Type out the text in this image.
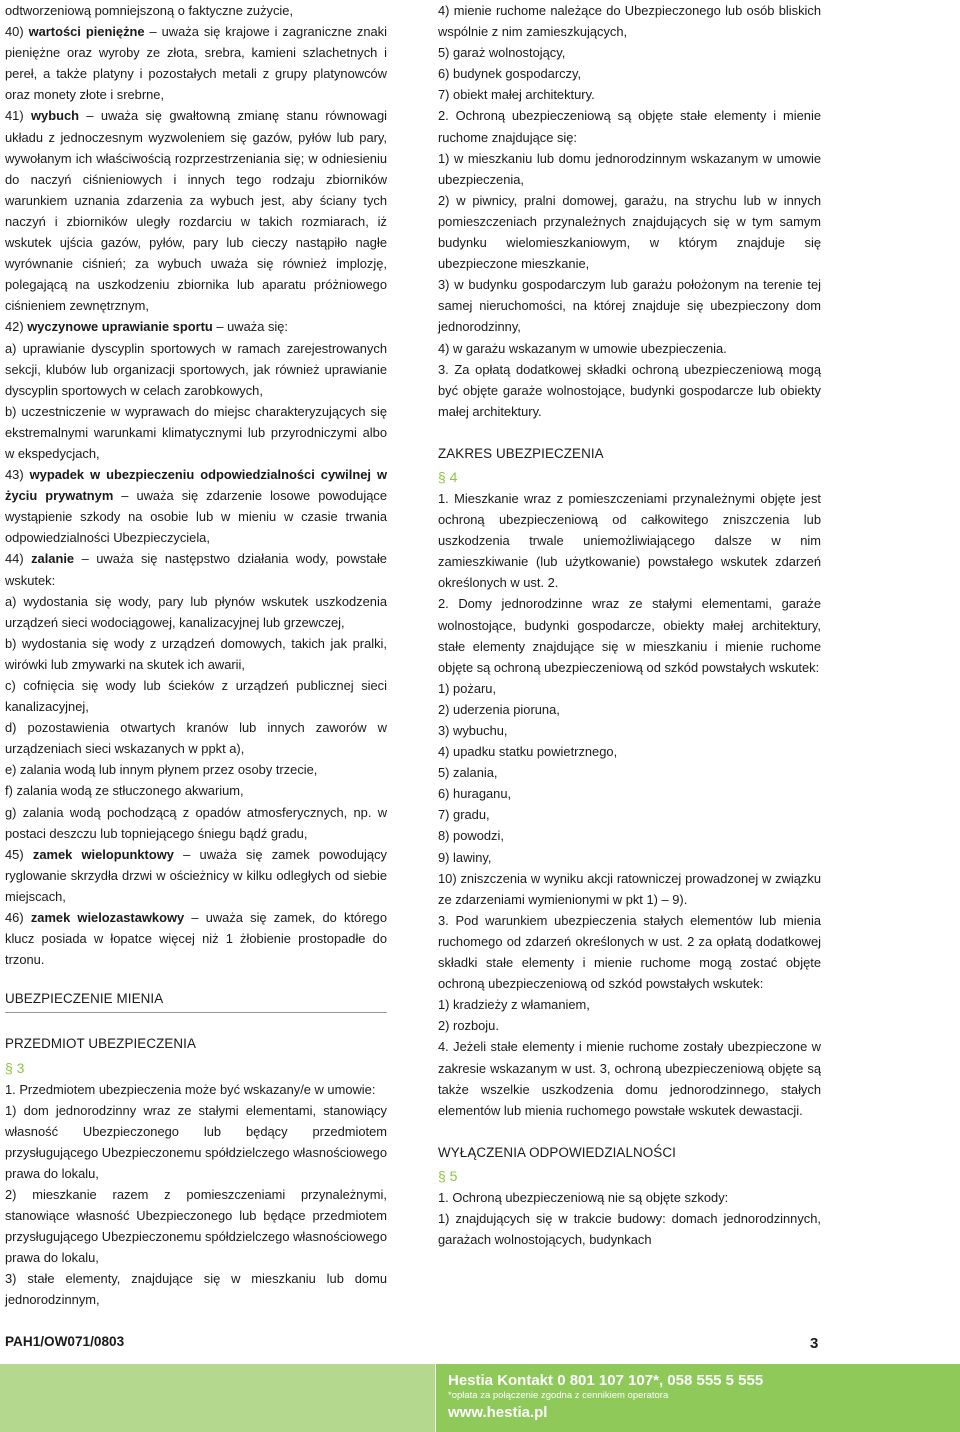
odtworzeniową pomniejszoną o faktyczne zużycie,

40) wartości pieniężne – uważa się krajowe i zagraniczne znaki pieniężne oraz wyroby ze złota, srebra, kamieni szlachetnych i pereł, a także platyny i pozostałych metali z grupy platynowców oraz monety złote i srebrne,

41) wybuch – uważa się gwałtowną zmianę stanu równowagi układu z jednoczesnym wyzwoleniem się gazów, pyłów lub pary, wywołanym ich właściwością rozprzestrzeniania się; w odniesieniu do naczyń ciśnieniowych i innych tego rodzaju zbiorników warunkiem uznania zdarzenia za wybuch jest, aby ściany tych naczyń i zbiorników uległy rozdarciu w takich rozmiarach, iż wskutek ujścia gazów, pyłów, pary lub cieczy nastąpiło nagłe wyrównanie ciśnień; za wybuch uważa się również implozję, polegającą na uszkodzeniu zbiornika lub aparatu próżniowego ciśnieniem zewnętrznym,

42) wyczynowe uprawianie sportu – uważa się:

a) uprawianie dyscyplin sportowych w ramach zarejestrowanych sekcji, klubów lub organizacji sportowych, jak również uprawianie dyscyplin sportowych w celach zarobkowych,

b) uczestniczenie w wyprawach do miejsc charakteryzujących się ekstremalnymi warunkami klimatycznymi lub przyrodniczymi albo w ekspedycjach,

43) wypadek w ubezpieczeniu odpowiedzialności cywilnej w życiu prywatnym – uważa się zdarzenie losowe powodujące wystąpienie szkody na osobie lub w mieniu w czasie trwania odpowiedzialności Ubezpieczyciela,

44) zalanie – uważa się następstwo działania wody, powstałe wskutek:

a) wydostania się wody, pary lub płynów wskutek uszkodzenia urządzeń sieci wodociągowej, kanalizacyjnej lub grzewczej,

b) wydostania się wody z urządzeń domowych, takich jak pralki, wirówki lub zmywarki na skutek ich awarii,

c) cofnięcia się wody lub ścieków z urządzeń publicznej sieci kanalizacyjnej,

d) pozostawienia otwartych kranów lub innych zaworów w urządzeniach sieci wskazanych w ppkt a),

e) zalania wodą lub innym płynem przez osoby trzecie,

f) zalania wodą ze stłuczonego akwarium,

g) zalania wodą pochodzącą z opadów atmosferycznych, np. w postaci deszczu lub topniejącego śniegu bądź gradu,

45) zamek wielopunktowy – uważa się zamek powodujący ryglowanie skrzydła drzwi w ościeżnicy w kilku odległych od siebie miejscach,

46) zamek wielozastawkowy – uważa się zamek, do którego klucz posiada w łopatce więcej niż 1 żłobienie prostopadłe do trzonu.

UBEZPIECZENIE MIENIA
PRZEDMIOT UBEZPIECZENIA
§ 3

1. Przedmiotem ubezpieczenia może być wskazany/e w umowie:

1) dom jednorodzinny wraz ze stałymi elementami, stanowiący własność Ubezpieczonego lub będący przedmiotem przysługującego Ubezpieczonemu spółdzielczego własnościowego prawa do lokalu,

2) mieszkanie razem z pomieszczeniami przynależnymi, stanowiące własność Ubezpieczonego lub będące przedmiotem przysługującego Ubezpieczonemu spółdzielczego własnościowego prawa do lokalu,

3) stałe elementy, znajdujące się w mieszkaniu lub domu jednorodzinnym,

4) mienie ruchome należące do Ubezpieczonego lub osób bliskich wspólnie z nim zamieszkujących,

5) garaż wolnostojący,

6) budynek gospodarczy,

7) obiekt małej architektury.

2. Ochroną ubezpieczeniową są objęte stałe elementy i mienie ruchome znajdujące się:

1) w mieszkaniu lub domu jednorodzinnym wskazanym w umowie ubezpieczenia,

2) w piwnicy, pralni domowej, garażu, na strychu lub w innych pomieszczeniach przynależnych znajdujących się w tym samym budynku wielomieszkaniowym, w którym znajduje się ubezpieczone mieszkanie,

3) w budynku gospodarczym lub garażu położonym na terenie tej samej nieruchomości, na której znajduje się ubezpieczony dom jednorodzinny,

4) w garażu wskazanym w umowie ubezpieczenia.

3. Za opłatą dodatkowej składki ochroną ubezpieczeniową mogą być objęte garaże wolnostojące, budynki gospodarcze lub obiekty małej architektury.

ZAKRES UBEZPIECZENIA
§ 4

1. Mieszkanie wraz z pomieszczeniami przynależnymi objęte jest ochroną ubezpieczeniową od całkowitego zniszczenia lub uszkodzenia trwale uniemożliwiającego dalsze w nim zamieszkiwanie (lub użytkowanie) powstałego wskutek zdarzeń określonych w ust. 2.

2. Domy jednorodzinne wraz ze stałymi elementami, garaże wolnostojące, budynki gospodarcze, obiekty małej architektury, stałe elementy znajdujące się w mieszkaniu i mienie ruchome objęte są ochroną ubezpieczeniową od szkód powstałych wskutek:

1) pożaru,

2) uderzenia pioruna,

3) wybuchu,

4) upadku statku powietrznego,

5) zalania,

6) huraganu,

7) gradu,

8) powodzi,

9) lawiny,

10) zniszczenia w wyniku akcji ratowniczej prowadzonej w związku ze zdarzeniami wymienionymi w pkt 1) – 9).

3. Pod warunkiem ubezpieczenia stałych elementów lub mienia ruchomego od zdarzeń określonych w ust. 2 za opłatą dodatkowej składki stałe elementy i mienie ruchome mogą zostać objęte ochroną ubezpieczeniową od szkód powstałych wskutek:

1) kradzieży z włamaniem,

2) rozboju.

4. Jeżeli stałe elementy i mienie ruchome zostały ubezpieczone w zakresie wskazanym w ust. 3, ochroną ubezpieczeniową objęte są także wszelkie uszkodzenia domu jednorodzinnego, stałych elementów lub mienia ruchomego powstałe wskutek dewastacji.

WYŁĄCZENIA ODPOWIEDZIALNOŚCI
§ 5

1. Ochroną ubezpieczeniową nie są objęte szkody:

1) znajdujących się w trakcie budowy: domach jednorodzinnych, garażach wolnostojących, budynkach

PAH1/OW071/0803	3
Hestia Kontakt 0 801 107 107*, 058 555 5 555
*opłata za połączenie zgodna z cennikiem operatora
www.hestia.pl
